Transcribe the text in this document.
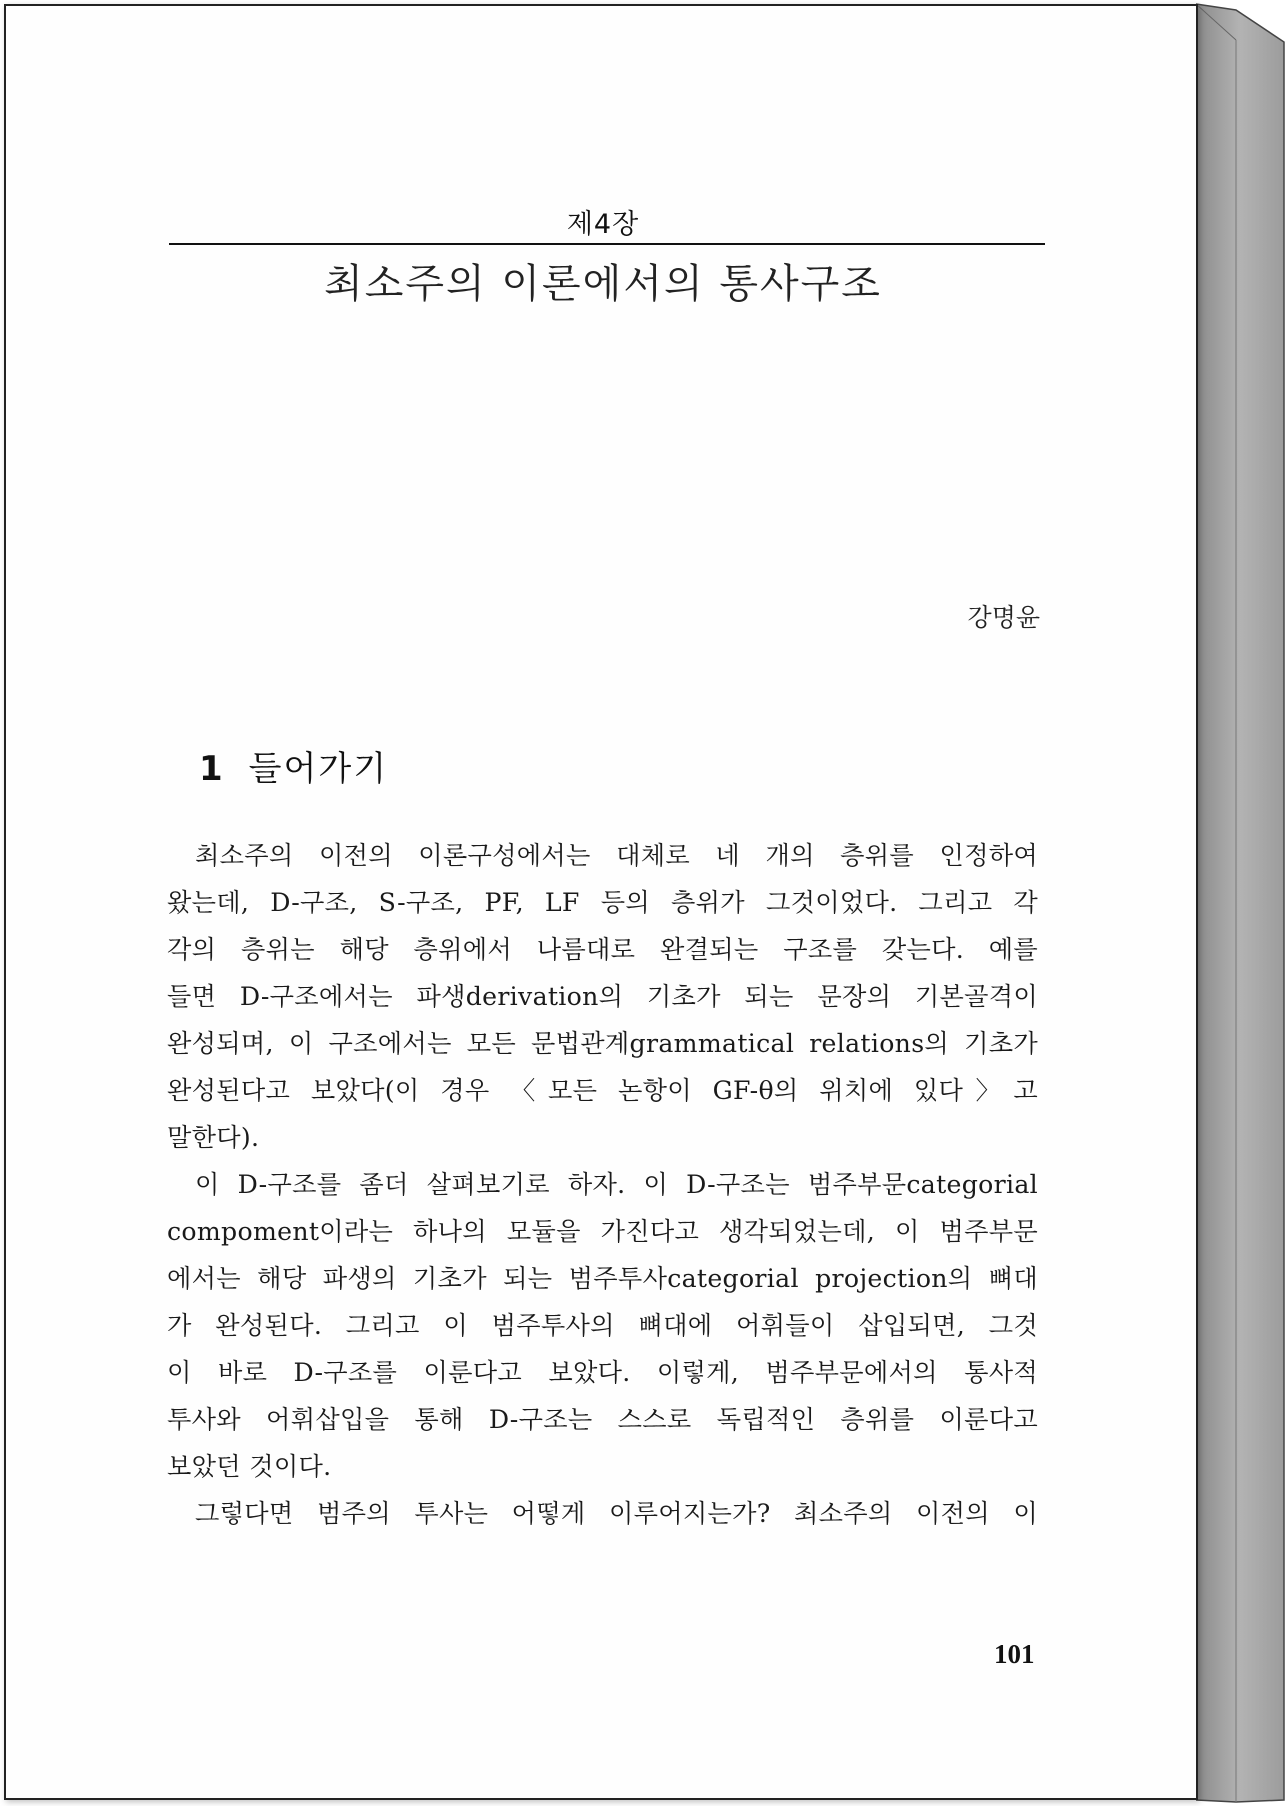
제4장
최소주의 이론에서의 통사구조
강명윤
1 들어가기
최소주의 이전의 이론구성에서는 대체로 네 개의 층위를 인정하여
왔는데, D-구조, S-구조, PF, LF 등의 층위가 그것이었다. 그리고 각
각의 층위는 해당 층위에서 나름대로 완결되는 구조를 갖는다. 예를
들면 D-구조에서는 파생derivation의 기초가 되는 문장의 기본골격이
완성되며, 이 구조에서는 모든 문법관계grammatical relations의 기초가
완성된다고 보았다(이 경우 〈모든 논항이 GF-θ의 위치에 있다〉고
말한다).
이 D-구조를 좀더 살펴보기로 하자. 이 D-구조는 범주부문categorial
compoment이라는 하나의 모듈을 가진다고 생각되었는데, 이 범주부문
에서는 해당 파생의 기초가 되는 범주투사categorial projection의 뼈대
가 완성된다. 그리고 이 범주투사의 뼈대에 어휘들이 삽입되면, 그것
이 바로 D-구조를 이룬다고 보았다. 이렇게, 범주부문에서의 통사적
투사와 어휘삽입을 통해 D-구조는 스스로 독립적인 층위를 이룬다고
보았던 것이다.
그렇다면 범주의 투사는 어떻게 이루어지는가? 최소주의 이전의 이
101
